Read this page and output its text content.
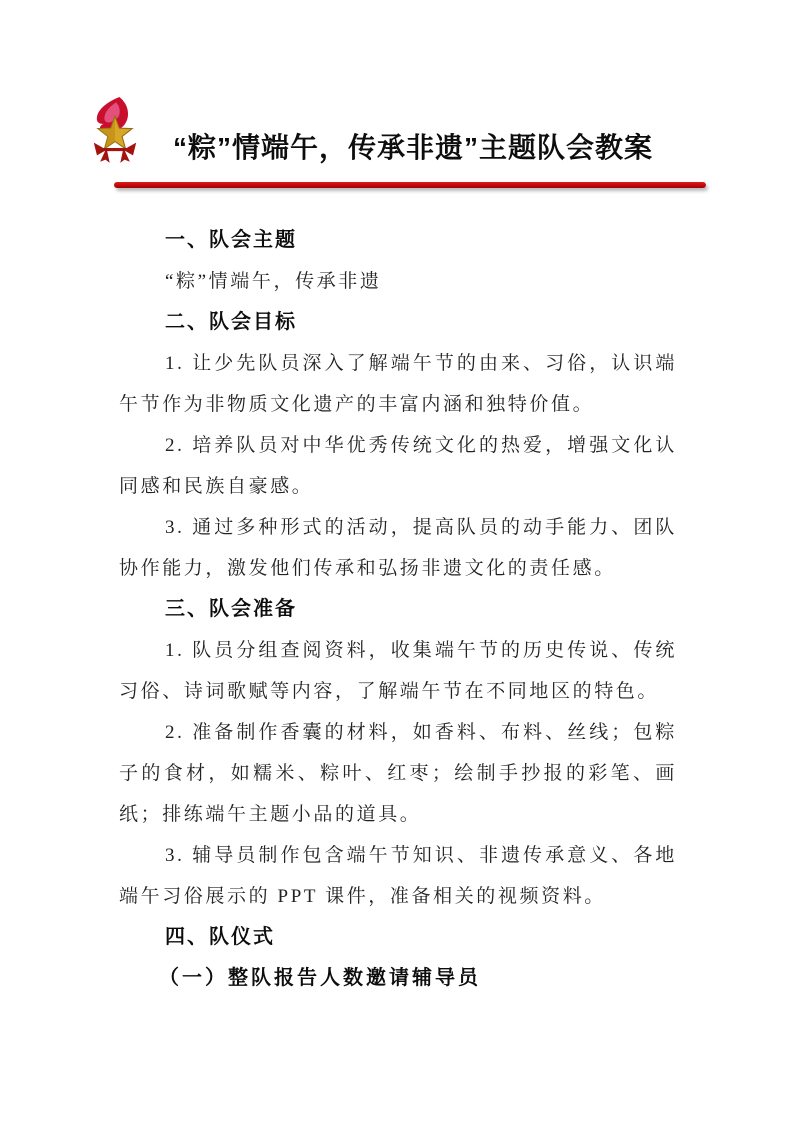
“粽”情端午，传承非遗”主题队会教案
一、队会主题

“粽”情端午，传承非遗

二、队会目标

1. 让少先队员深入了解端午节的由来、习俗，认识端午节作为非物质文化遗产的丰富内涵和独特价值。

2. 培养队员对中华优秀传统文化的热爱，增强文化认同感和民族自豪感。

3. 通过多种形式的活动，提高队员的动手能力、团队协作能力，激发他们传承和弘扬非遗文化的责任感。

三、队会准备

1. 队员分组查阅资料，收集端午节的历史传说、传统习俗、诗词歌赋等内容，了解端午节在不同地区的特色。

2. 准备制作香囊的材料，如香料、布料、丝线；包粽子的食材，如糯米、粽叶、红枣；绘制手抄报的彩笔、画纸；排练端午主题小品的道具。

3. 辅导员制作包含端午节知识、非遗传承意义、各地端午习俗展示的 PPT 课件，准备相关的视频资料。

四、队仪式

（一）整队报告人数邀请辅导员
